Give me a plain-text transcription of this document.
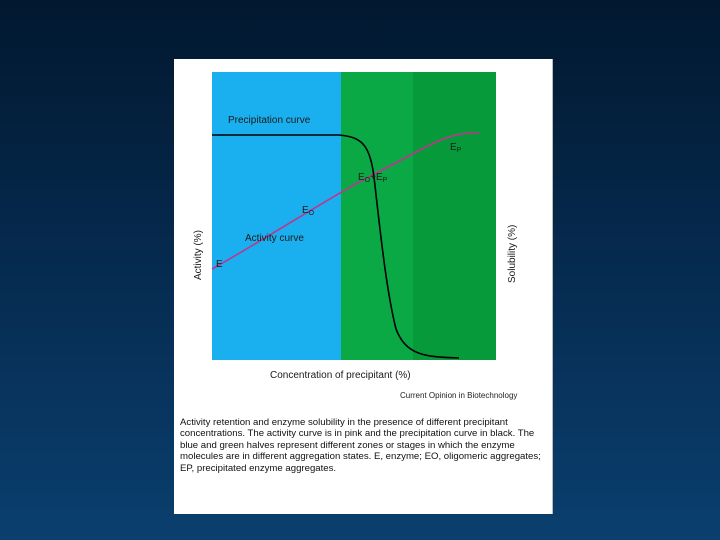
Precipitation curve
$E_P$
$E_O+E_P$
$E_O$
Activity curve
E
Activity (%)	Solubility (%)
Concentration of precipitant (%)
Current Opinion in Biotechnology
Activity retention and enzyme solubility in the presence of different precipitant concentrations. The activity curve is in pink and the precipitation curve in black. The blue and green halves represent different zones or stages in which the enzyme molecules are in different aggregation states. E, enzyme; EO, oligomeric aggregates; EP, precipitated enzyme aggregates.
